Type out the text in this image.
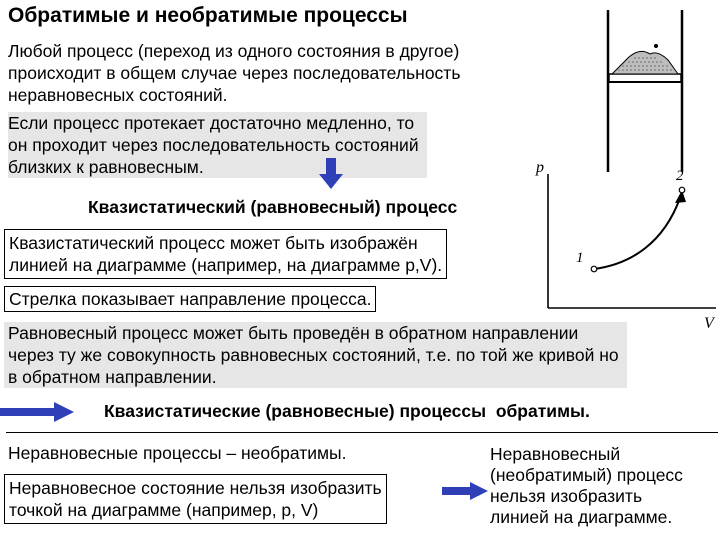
Обратимые и необратимые процессы
Любой процесс (переход из одного состояния в другое)
происходит в общем случае через последовательность
неравновесных состояний.
Если процесс протекает достаточно медленно, то
он проходит через последовательность состояний
близких к равновесным.
Квазистатический (равновесный) процесс
Квазистатический процесс может быть изображён
линией на диаграмме (например, на диаграмме p,V).
Стрелка показывает направление процесса.
Равновесный процесс может быть проведён в обратном направлении
через ту же совокупность равновесных состояний, т.е. по той же кривой но
в обратном направлении.
Квазистатические (равновесные) процессы обратимы.
Неравновесные процессы – необратимы.
Неравновесное состояние нельзя изобразить
точкой на диаграмме (например, p, V)
Неравновесный
(необратимый) процесс
нельзя изобразить
линией на диаграмме.
p
V
1
2
